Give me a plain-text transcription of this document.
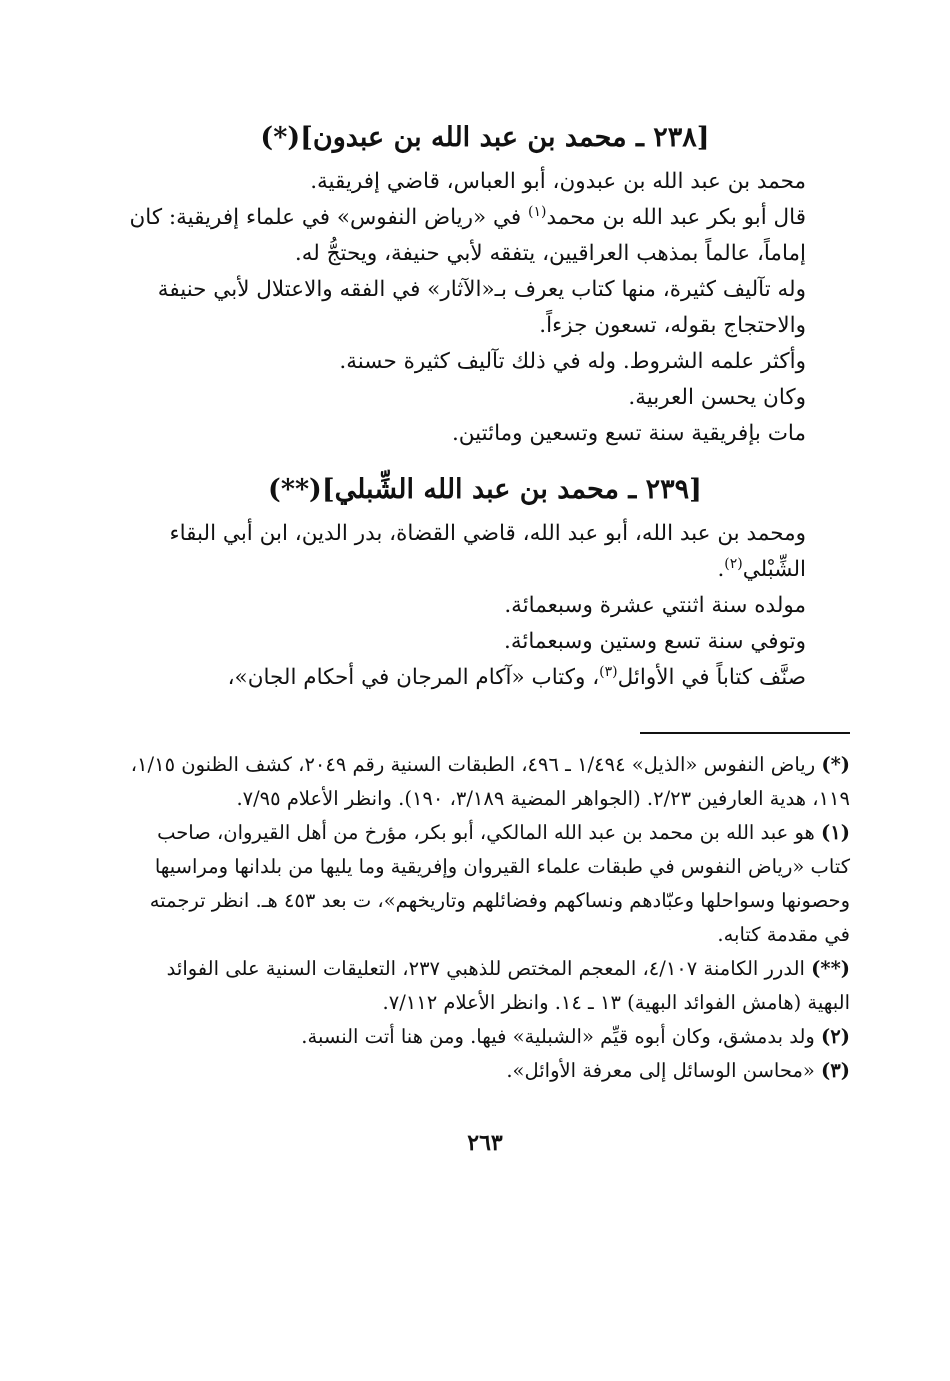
[٢٣٨ ـ محمد بن عبد الله بن عبدون](*)

محمد بن عبد الله بن عبدون، أبو العباس، قاضي إفريقية.

قال أبو بكر عبد الله بن محمد$^{(١)}$ في «رياض النفوس» في علماء إفريقية: كان إماماً، عالماً بمذهب العراقيين، يتفقه لأبي حنيفة، ويحتجُّ له.

وله تآليف كثيرة، منها كتاب يعرف بـ«الآثار» في الفقه والاعتلال لأبي حنيفة والاحتجاج بقوله، تسعون جزءاً.

وأكثر علمه الشروط. وله في ذلك تآليف كثيرة حسنة.

وكان يحسن العربية.

مات بإفريقية سنة تسع وتسعين ومائتين.

[٢٣٩ ـ محمد بن عبد الله الشِّبلي](**)

ومحمد بن عبد الله، أبو عبد الله، قاضي القضاة، بدر الدين، ابن أبي البقاء الشِّبْلي$^{(٢)}$.

مولده سنة اثنتي عشرة وسبعمائة.

وتوفي سنة تسع وستين وسبعمائة.

صنَّف كتاباً في الأوائل$^{(٣)}$، وكتاب «آكام المرجان في أحكام الجان»،

(*) رياض النفوس «الذيل» ١/٤٩٤ ـ ٤٩٦، الطبقات السنية رقم ٢٠٤٩، كشف الظنون ١/١٥، ١١٩، هدية العارفين ٢/٢٣. (الجواهر المضية ٣/١٨٩، ١٩٠). وانظر الأعلام ٧/٩٥.

(١) هو عبد الله بن محمد بن عبد الله المالكي، أبو بكر، مؤرخ من أهل القيروان، صاحب كتاب «رياض النفوس في طبقات علماء القيروان وإفريقية وما يليها من بلدانها ومراسيها وحصونها وسواحلها وعبّادهم ونساكهم وفضائلهم وتاريخهم»، ت بعد ٤٥٣ هـ. انظر ترجمته في مقدمة كتابه.

(**) الدرر الكامنة ٤/١٠٧، المعجم المختص للذهبي ٢٣٧، التعليقات السنية على الفوائد البهية (هامش الفوائد البهية) ١٣ ـ ١٤. وانظر الأعلام ٧/١١٢.

(٢) ولد بدمشق، وكان أبوه قيِّم «الشبلية» فيها. ومن هنا أتت النسبة.

(٣) «محاسن الوسائل إلى معرفة الأوائل».

٢٦٣
